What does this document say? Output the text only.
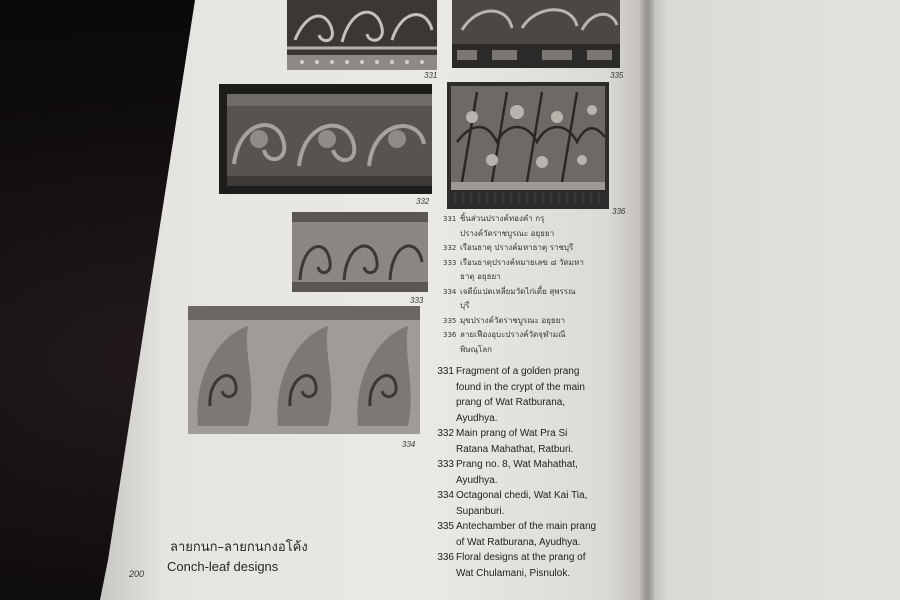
331	335
332
336
333
334
331 ชิ้นส่วนปรางค์ทองคำ กรุ
ปรางค์วัดราชบูรณะ อยุธยา
332 เรือนธาตุ ปรางค์มหาธาตุ ราชบุรี
333 เรือนธาตุปรางค์หมายเลข ๘ วัดมหา
ธาตุ อยุธยา
334 เจดีย์แปดเหลี่ยมวัดไก่เตี้ย สุพรรณ
บุรี
335 มุขปรางค์วัดราชบูรณะ อยุธยา
336 ลายเฟืองอุบะปรางค์วัดจุฬามณี
พิษณุโลก
331 Fragment of a golden prang
found in the crypt of the main
prang of Wat Ratburana,
Ayudhya.
332 Main prang of Wat Pra Si
Ratana Mahathat, Ratburi.
333 Prang no. 8, Wat Mahathat,
Ayudhya.
334 Octagonal chedi, Wat Kai Tia,
Supanburi.
335 Antechamber of the main prang
of Wat Ratburana, Ayudhya.
336 Floral designs at the prang of
Wat Chulamani, Pisnulok.
ลายกนก–ลายกนกงอโค้ง
Conch-leaf designs
200
